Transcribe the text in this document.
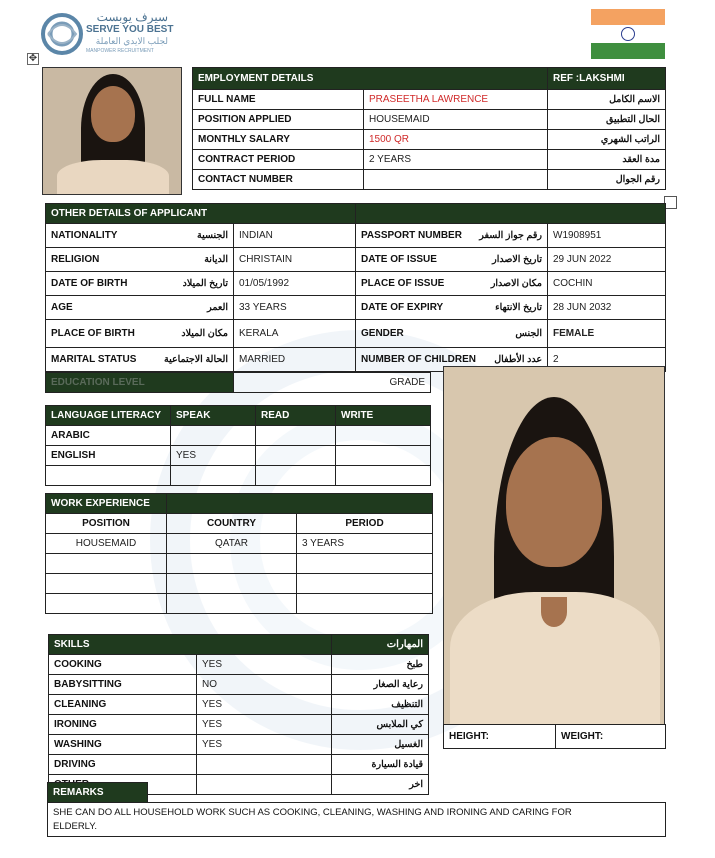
سيرف يوبست
SERVE YOU BEST
لجلب الايدي العاملة
MANPOWER RECRUITMENT
✥
EMPLOYMENT DETAILS		REF :LAKSHMI
FULL NAME	PRASEETHA LAWRENCE	الاسم الكامل
POSITION APPLIED	HOUSEMAID	الحال التطبيق
MONTHLY SALARY	1500 QR	الراتب الشهري
CONTRACT PERIOD	2 YEARS	مدة العقد
CONTACT NUMBER		رقم الجوال
OTHER DETAILS OF APPLICANT					
NATIONALITY	الجنسية	INDIAN	PASSPORT NUMBER	رقم جواز السفر	W1908951
RELIGION	الديانة	CHRISTAIN	DATE OF ISSUE	تاريخ الاصدار	29 JUN 2022
DATE OF BIRTH	تاريخ الميلاد	01/05/1992	PLACE OF ISSUE	مكان الاصدار	COCHIN
AGE	العمر	33 YEARS	DATE OF EXPIRY	تاريخ الانتهاء	28 JUN 2032
PLACE OF BIRTH	مكان الميلاد	KERALA	GENDER	الجنس	FEMALE
MARITAL STATUS	الحالة الاجتماعية	MARRIED	NUMBER OF CHILDREN	عدد الأطفال	2
EDUCATION LEVEL	GRADE
LANGUAGE LITERACY	SPEAK	READ	WRITE
ARABIC			
ENGLISH	YES		

WORK EXPERIENCE		
POSITION	COUNTRY	PERIOD
HOUSEMAID	QATAR	3 YEARS

SKILLS		المهارات
COOKING	YES	طبخ
BABYSITTING	NO	رعاية الصغار
CLEANING	YES	التنظيف
IRONING	YES	كي الملابس
WASHING	YES	الغسيل
DRIVING		قيادة السيارة
		اخر
HEIGHT:	WEIGHT:
REMARKS	

SHE CAN DO ALL HOUSEHOLD WORK SUCH AS COOKING, CLEANING, WASHING AND IRONING AND CARING FOR
ELDERLY.
